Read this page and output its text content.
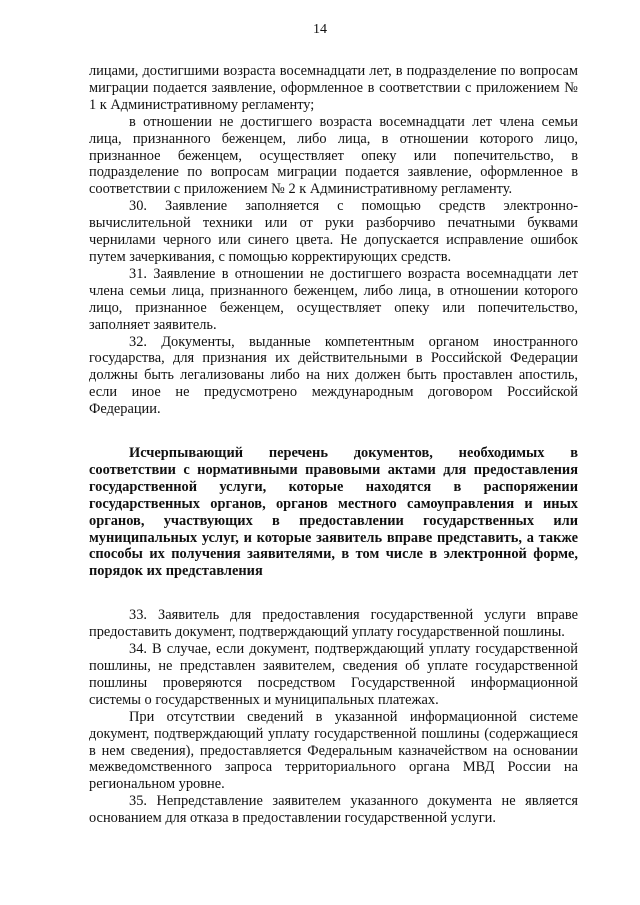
14

лицами, достигшими возраста восемнадцати лет, в подразделение по вопросам миграции подается заявление, оформленное в соответствии с приложением № 1 к Административному регламенту;

в отношении не достигшего возраста восемнадцати лет члена семьи лица, признанного беженцем, либо лица, в отношении которого лицо, признанное беженцем, осуществляет опеку или попечительство, в подразделение по вопросам миграции подается заявление, оформленное в соответствии с приложением № 2 к Административному регламенту.

30. Заявление заполняется с помощью средств электронно-вычислительной техники или от руки разборчиво печатными буквами чернилами черного или синего цвета. Не допускается исправление ошибок путем зачеркивания, с помощью корректирующих средств.

31. Заявление в отношении не достигшего возраста восемнадцати лет члена семьи лица, признанного беженцем, либо лица, в отношении которого лицо, признанное беженцем, осуществляет опеку или попечительство, заполняет заявитель.

32. Документы, выданные компетентным органом иностранного государства, для признания их действительными в Российской Федерации должны быть легализованы либо на них должен быть проставлен апостиль, если иное не предусмотрено международным договором Российской Федерации.

Исчерпывающий перечень документов, необходимых в соответствии с нормативными правовыми актами для предоставления государственной услуги, которые находятся в распоряжении государственных органов, органов местного самоуправления и иных органов, участвующих в предоставлении государственных или муниципальных услуг, и которые заявитель вправе представить, а также способы их получения заявителями, в том числе в электронной форме, порядок их представления

33. Заявитель для предоставления государственной услуги вправе предоставить документ, подтверждающий уплату государственной пошлины.

34. В случае, если документ, подтверждающий уплату государственной пошлины, не представлен заявителем, сведения об уплате государственной пошлины проверяются посредством Государственной информационной системы о государственных и муниципальных платежах.

При отсутствии сведений в указанной информационной системе документ, подтверждающий уплату государственной пошлины (содержащиеся в нем сведения), предоставляется Федеральным казначейством на основании межведомственного запроса территориального органа МВД России на региональном уровне.

35. Непредставление заявителем указанного документа не является основанием для отказа в предоставлении государственной услуги.
